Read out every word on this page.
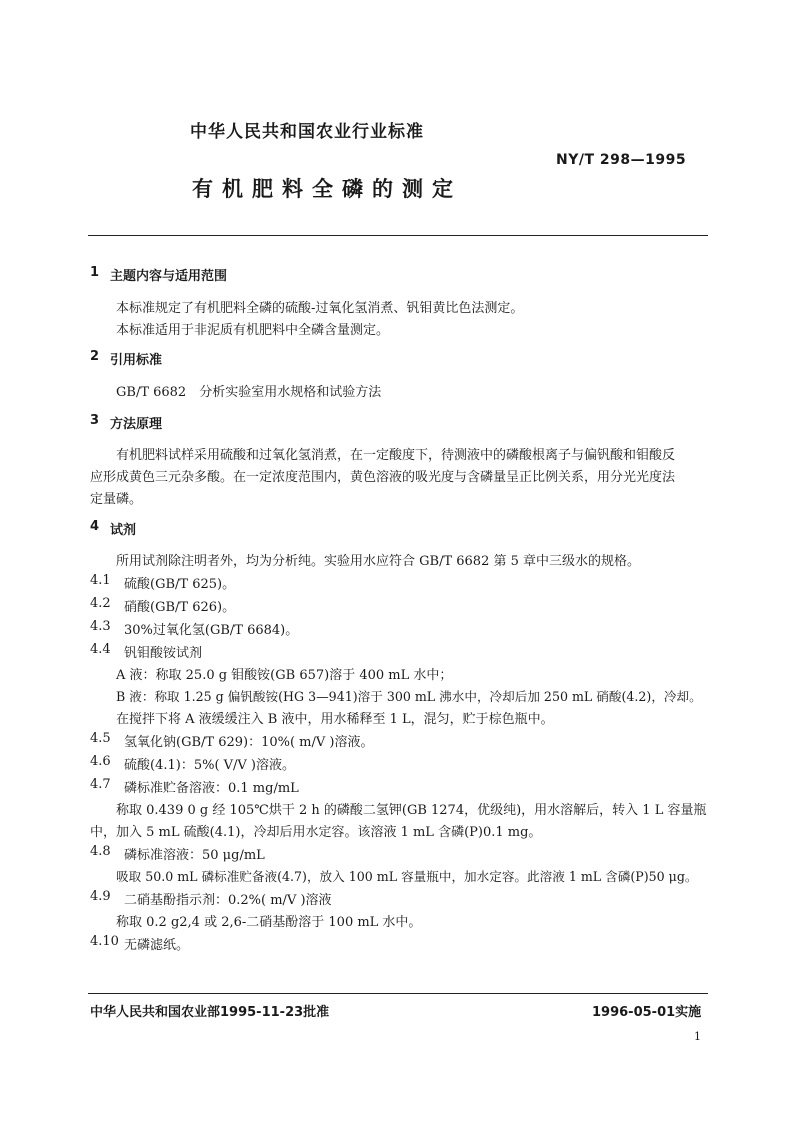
中华人民共和国农业行业标准
NY/T 298—1995
有机肥料全磷的测定
1 主题内容与适用范围
本标准规定了有机肥料全磷的硫酸-过氧化氢消煮、钒钼黄比色法测定。
本标准适用于非泥质有机肥料中全磷含量测定。
2 引用标准
GB/T 6682　分析实验室用水规格和试验方法
3 方法原理
有机肥料试样采用硫酸和过氧化氢消煮，在一定酸度下，待测液中的磷酸根离子与偏钒酸和钼酸反
应形成黄色三元杂多酸。在一定浓度范围内，黄色溶液的吸光度与含磷量呈正比例关系，用分光光度法
定量磷。
4 试剂
所用试剂除注明者外，均为分析纯。实验用水应符合 GB/T 6682 第 5 章中三级水的规格。
4.1 硫酸(GB/T 625)。
4.2 硝酸(GB/T 626)。
4.3 30%过氧化氢(GB/T 6684)。
4.4 钒钼酸铵试剂
A 液：称取 25.0 g 钼酸铵(GB 657)溶于 400 mL 水中；
B 液：称取 1.25 g 偏钒酸铵(HG 3—941)溶于 300 mL 沸水中，冷却后加 250 mL 硝酸(4.2)，冷却。
在搅拌下将 A 液缓缓注入 B 液中，用水稀释至 1 L，混匀，贮于棕色瓶中。
4.5 氢氧化钠(GB/T 629)：10%( m/V )溶液。
4.6 硫酸(4.1)：5%( V/V )溶液。
4.7 磷标准贮备溶液：0.1 mg/mL
称取 0.439 0 g 经 105℃烘干 2 h 的磷酸二氢钾(GB 1274，优级纯)，用水溶解后，转入 1 L 容量瓶
中，加入 5 mL 硫酸(4.1)，冷却后用水定容。该溶液 1 mL 含磷(P)0.1 mg。
4.8 磷标准溶液：50 μg/mL
吸取 50.0 mL 磷标准贮备液(4.7)，放入 100 mL 容量瓶中，加水定容。此溶液 1 mL 含磷(P)50 μg。
4.9 二硝基酚指示剂：0.2%( m/V )溶液
称取 0.2 g2,4 或 2,6-二硝基酚溶于 100 mL 水中。
4.10 无磷滤纸。
中华人民共和国农业部1995-11-23批准	1996-05-01实施
1
